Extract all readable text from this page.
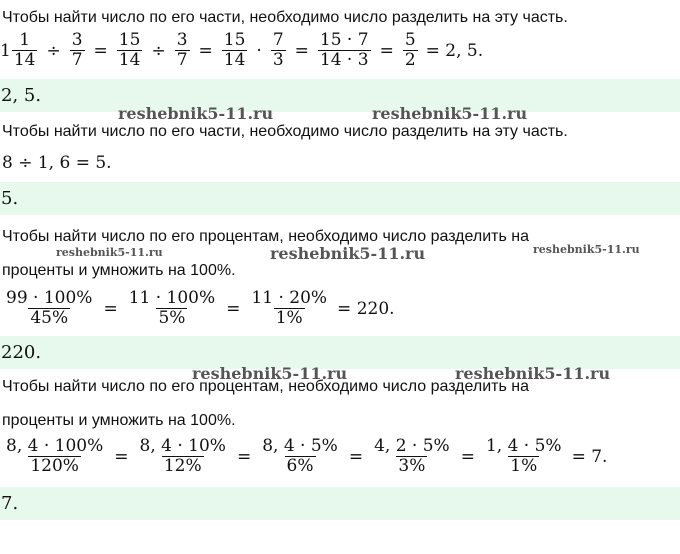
Чтобы найти число по его части, необходимо число разделить на эту часть.
$1 \frac{1}{14} \div \frac{3}{7} = \frac{15}{14} \div \frac{3}{7} = \frac{15}{14} \cdot \frac{7}{3} = \frac{15 \cdot 7}{14 \cdot 3} = \frac{5}{2} = 2$, 5.
2, 5.
reshebnik5-11.ru	reshebnik5-11.ru
Чтобы найти число по его части, необходимо число разделить на эту часть.
8 ÷ 1, 6 = 5.
5.
Чтобы найти число по его процентам, необходимо число разделить на
reshebnik5-11.ru	reshebnik5-11.ru	reshebnik5-11.ru
проценты и умножить на 100%.
$\frac{99 \cdot 100\%}{45\%} = \frac{11 \cdot 100\%}{5\%} = \frac{11 \cdot 20\%}{1\%} = 220$.
220.
reshebnik5-11.ru	reshebnik5-11.ru
Чтобы найти число по его процентам, необходимо число разделить на
проценты и умножить на 100%.
$\frac{8, 4 \cdot 100\%}{120\%} = \frac{8, 4 \cdot 10\%}{12\%} = \frac{8, 4 \cdot 5\%}{6\%} = \frac{4, 2 \cdot 5\%}{3\%} = \frac{1, 4 \cdot 5\%}{1\%} = 7$.
7.
